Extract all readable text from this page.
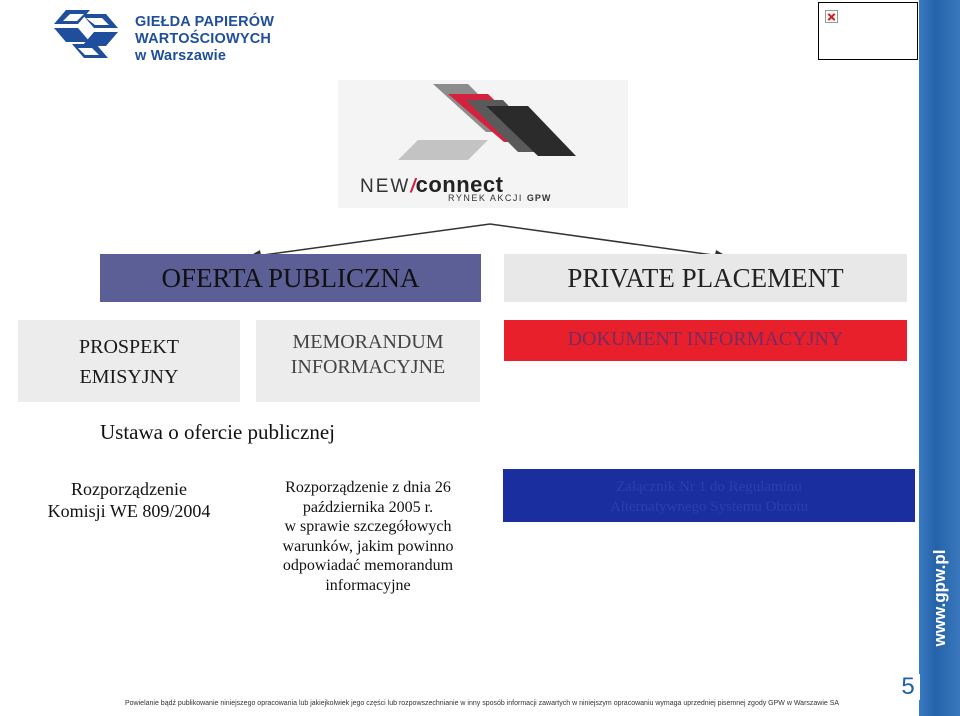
www.gpw.pl
GIEŁDA PAPIERÓW
WARTOŚCIOWYCH
w Warszawie
NEW/connect
RYNEK AKCJI GPW
OFERTA PUBLICZNA	PRIVATE PLACEMENT
PROSPEKT
EMISYJNY
MEMORANDUM
INFORMACYJNE
DOKUMENT INFORMACYJNY
Ustawa o ofercie publicznej
Rozporządzenie
Komisji WE 809/2004
Rozporządzenie z dnia 26
października 2005 r.
w sprawie szczegółowych
warunków, jakim powinno
odpowiadać memorandum
informacyjne
Załącznik Nr 1 do Regulaminu
Alternatywnego Systemu Obrotu
Powielanie bądź publikowanie niniejszego opracowania lub jakiejkolwiek jego części lub rozpowszechnianie w inny sposób informacji zawartych w niniejszym opracowaniu wymaga uprzedniej pisemnej zgody GPW w Warszawie SA
5
